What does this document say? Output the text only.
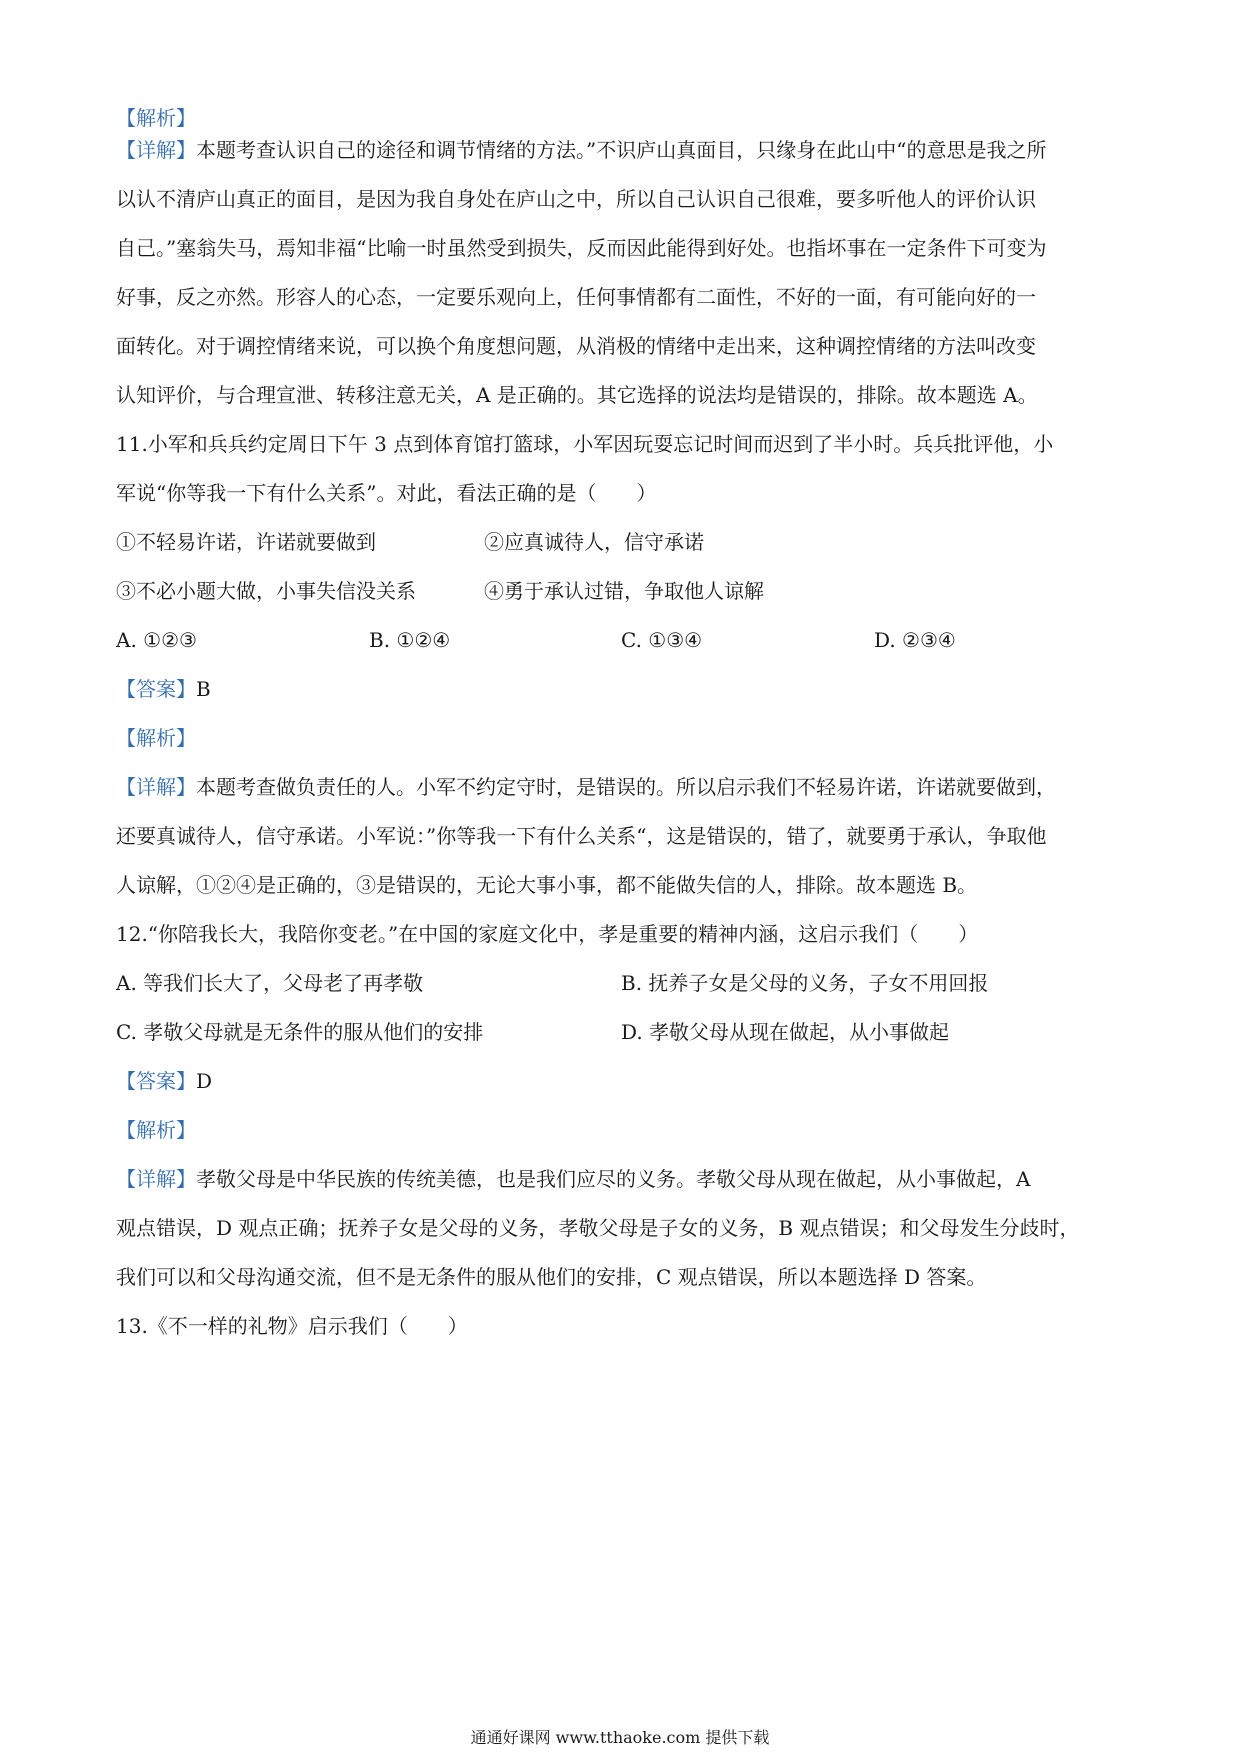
【解析】
【详解】本题考查认识自己的途径和调节情绪的方法。”不识庐山真面目，只缘身在此山中“的意思是我之所
以认不清庐山真正的面目，是因为我自身处在庐山之中，所以自己认识自己很难，要多听他人的评价认识
自己。”塞翁失马，焉知非福“比喻一时虽然受到损失，反而因此能得到好处。也指坏事在一定条件下可变为
好事，反之亦然。形容人的心态，一定要乐观向上，任何事情都有二面性，不好的一面，有可能向好的一
面转化。对于调控情绪来说，可以换个角度想问题，从消极的情绪中走出来，这种调控情绪的方法叫改变
认知评价，与合理宣泄、转移注意无关，A 是正确的。其它选择的说法均是错误的，排除。故本题选 A。
11.小军和兵兵约定周日下午 3 点到体育馆打篮球，小军因玩耍忘记时间而迟到了半小时。兵兵批评他，小
军说“你等我一下有什么关系”。对此，看法正确的是（　　）
①不轻易许诺，许诺就要做到	②应真诚待人，信守承诺
③不必小题大做，小事失信没关系	④勇于承认过错，争取他人谅解
A. ①②③	B. ①②④	C. ①③④	D. ②③④
【答案】B
【解析】
【详解】本题考查做负责任的人。小军不约定守时，是错误的。所以启示我们不轻易许诺，许诺就要做到，
还要真诚待人，信守承诺。小军说：”你等我一下有什么关系“，这是错误的，错了，就要勇于承认，争取他
人谅解，①②④是正确的，③是错误的，无论大事小事，都不能做失信的人，排除。故本题选 B。
12.“你陪我长大，我陪你变老。”在中国的家庭文化中，孝是重要的精神内涵，这启示我们（　　）
A. 等我们长大了，父母老了再孝敬	B. 抚养子女是父母的义务，子女不用回报
C. 孝敬父母就是无条件的服从他们的安排	D. 孝敬父母从现在做起，从小事做起
【答案】D
【解析】
【详解】孝敬父母是中华民族的传统美德，也是我们应尽的义务。孝敬父母从现在做起，从小事做起，A
观点错误，D 观点正确；抚养子女是父母的义务，孝敬父母是子女的义务，B 观点错误；和父母发生分歧时，
我们可以和父母沟通交流，但不是无条件的服从他们的安排，C 观点错误，所以本题选择 D 答案。
13.《不一样的礼物》启示我们（　　）
通通好课网 www.tthaoke.com 提供下载
